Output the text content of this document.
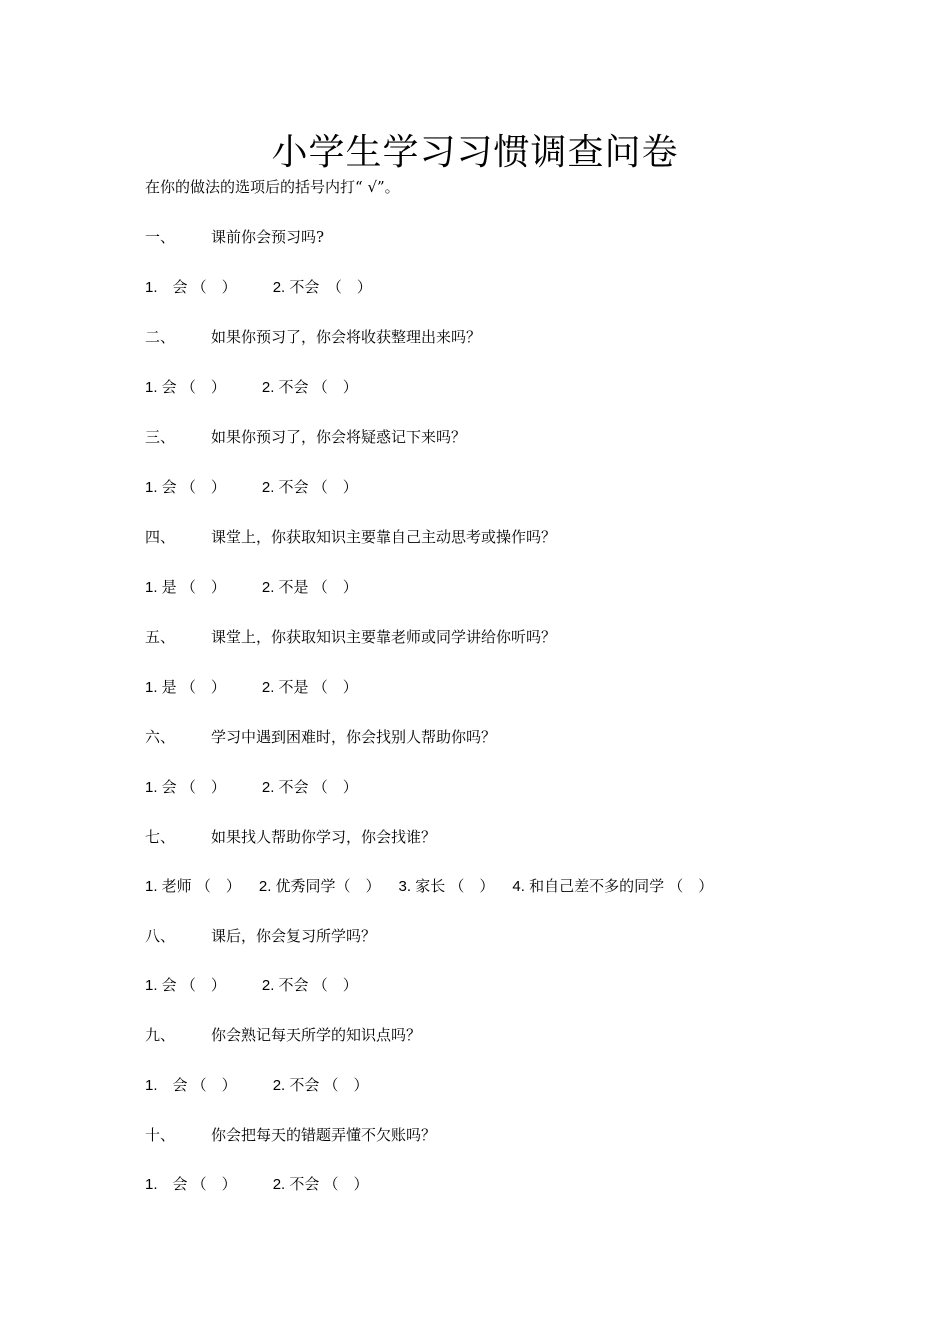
小学生学习习惯调查问卷
在你的做法的选项后的括号内打“ √”。
一、 课前你会预习吗?
1.　会 （　） 2. 不会　（　）
二、 如果你预习了，你会将收获整理出来吗？
1. 会 （　） 2. 不会 （　）
三、 如果你预习了，你会将疑惑记下来吗？
1. 会 （　） 2. 不会 （　）
四、 课堂上，你获取知识主要靠自己主动思考或操作吗？
1. 是 （　） 2. 不是 （　）
五、 课堂上，你获取知识主要靠老师或同学讲给你听吗？
1. 是 （　） 2. 不是 （　）
六、 学习中遇到困难时，你会找别人帮助你吗？
1. 会 （　） 2. 不会 （　）
七、 如果找人帮助你学习，你会找谁？
1. 老师 （　） 2. 优秀同学（　） 3. 家长 （　） 4. 和自己差不多的同学 （　）
八、 课后，你会复习所学吗？
1. 会 （　） 2. 不会 （　）
九、 你会熟记每天所学的知识点吗？
1.　会 （　） 2. 不会 （　）
十、 你会把每天的错题弄懂不欠账吗？
1.　会 （　） 2. 不会 （　）
